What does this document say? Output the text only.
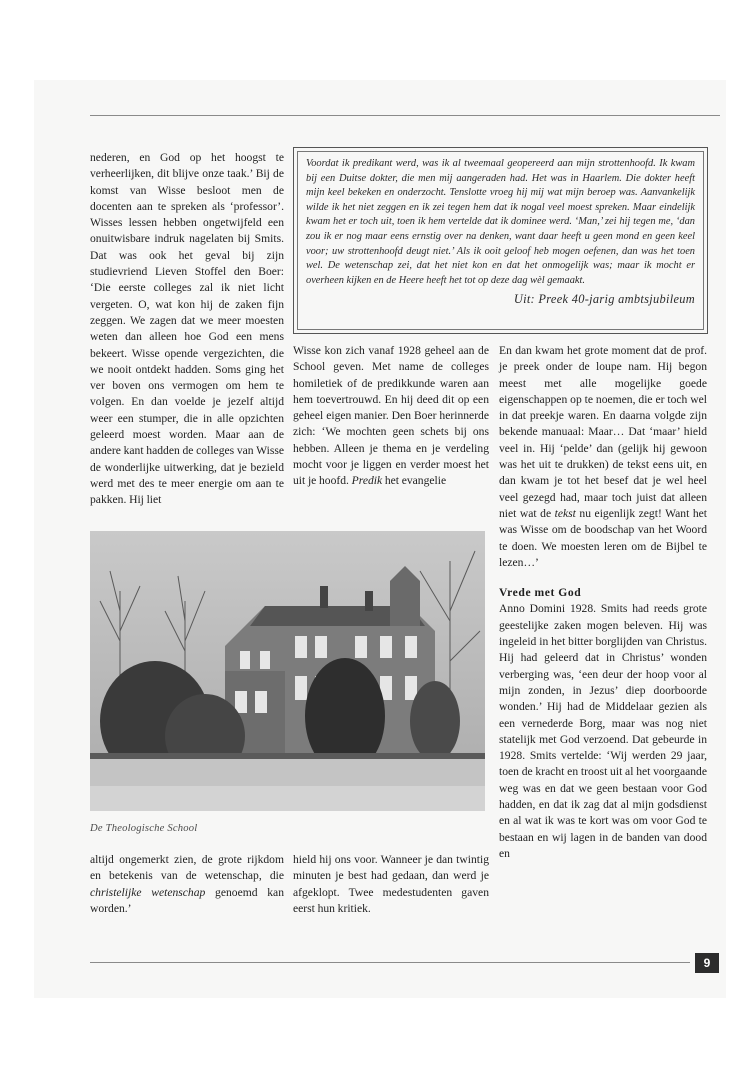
nederen, en God op het hoogst te verheerlijken, dit blijve onze taak.’ Bij de komst van Wisse besloot men de docenten aan te spreken als ‘professor’. Wisses lessen hebben ongetwijfeld een onuitwisbare indruk nagelaten bij Smits. Dat was ook het geval bij zijn studievriend Lieven Stoffel den Boer: ‘Die eerste colleges zal ik niet licht vergeten. O, wat kon hij de zaken fijn zeggen. We zagen dat we meer moesten weten dan alleen hoe God een mens bekeert. Wisse opende vergezichten, die we nooit ontdekt hadden. Soms ging het ver boven ons vermogen om hem te volgen. En dan voelde je jezelf altijd weer een stumper, die in alle opzichten geleerd moest worden. Maar aan de andere kant hadden de colleges van Wisse de wonderlijke uitwerking, dat je bezield werd met des te meer energie om aan te pakken. Hij liet

Voordat ik predikant werd, was ik al tweemaal geopereerd aan mijn strottenhoofd. Ik kwam bij een Duitse dokter, die men mij aangeraden had. Het was in Haarlem. Die dokter heeft mijn keel bekeken en onderzocht. Tenslotte vroeg hij mij wat mijn beroep was. Aanvankelijk wilde ik het niet zeggen en ik zei tegen hem dat ik nogal veel moest spreken. Maar eindelijk kwam het er toch uit, toen ik hem vertelde dat ik dominee werd. ‘Man,’ zei hij tegen me, ‘dan zou ik er nog maar eens ernstig over na denken, want daar heeft u geen mond en geen keel voor; uw strottenhoofd deugt niet.’ Als ik ooit geloof heb mogen oefenen, dan was het toen wel. De wetenschap zei, dat het niet kon en dat het onmogelijk was; maar ik mocht er overheen kijken en de Heere heeft het tot op deze dag wèl gemaakt.
Uit: Preek 40-jarig ambtsjubileum

Wisse kon zich vanaf 1928 geheel aan de School geven. Met name de colleges homiletiek of de predikkunde waren aan hem toevertrouwd. En hij deed dit op een geheel eigen manier. Den Boer herinnerde zich: ‘We mochten geen schets bij ons hebben. Alleen je thema en je verdeling mocht voor je liggen en verder moest het uit je hoofd. Predik het evangelie

De Theologische School

altijd ongemerkt zien, de grote rijkdom en betekenis van de wetenschap, die christelijke wetenschap genoemd kan worden.’

hield hij ons voor. Wanneer je dan twintig minuten je best had gedaan, dan werd je afgeklopt. Twee medestudenten gaven eerst hun kritiek.

En dan kwam het grote moment dat de prof. je preek onder de loupe nam. Hij begon meest met alle mogelijke goede eigenschappen op te noemen, die er toch wel in dat preekje waren. En daarna volgde zijn bekende manuaal: Maar… Dat ‘maar’ hield veel in. Hij ‘pelde’ dan (gelijk hij gewoon was het uit te drukken) de tekst eens uit, en dan kwam je tot het besef dat je wel heel veel gezegd had, maar toch juist dat alleen niet wat de tekst nu eigenlijk zegt! Want het was Wisse om de boodschap van het Woord te doen. We moesten leren om de Bijbel te lezen…’

Vrede met God

Anno Domini 1928. Smits had reeds grote geestelijke zaken mogen beleven. Hij was ingeleid in het bitter borglijden van Christus. Hij had geleerd dat in Christus’ wonden verberging was, ‘een deur der hoop voor al mijn zonden, in Jezus’ diep doorboorde wonden.’ Hij had de Middelaar gezien als een vernederde Borg, maar was nog niet statelijk met God verzoend. Dat gebeurde in 1928. Smits vertelde: ‘Wij werden 29 jaar, toen de kracht en troost uit al het voorgaande weg was en dat we geen bestaan voor God hadden, en dat ik zag dat al mijn godsdienst en al wat ik was te kort was om voor God te bestaan en wij lagen in de banden van dood en

9
